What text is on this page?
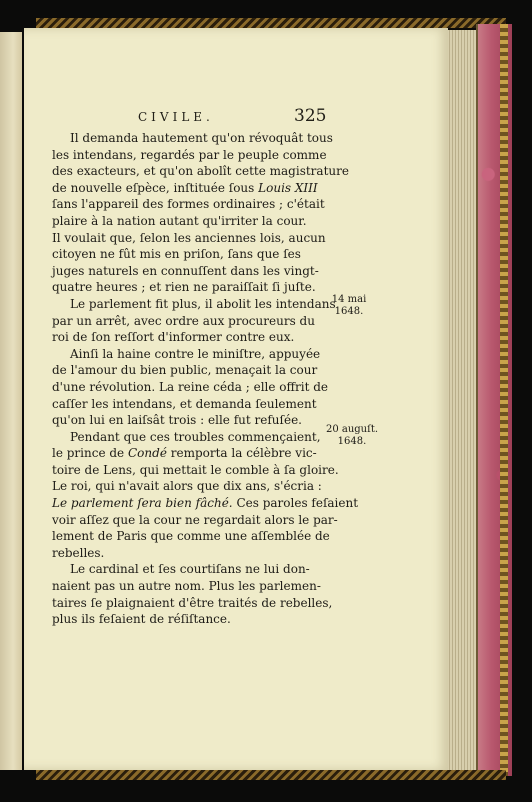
CIVILE.	325
Il demanda hautement qu'on révoquât tous
les intendans, regardés par le peuple comme
des exacteurs, et qu'on abolît cette magistrature
de nouvelle eſpèce, inſtituée ſous Louis XIII
ſans l'appareil des formes ordinaires ; c'était
plaire à la nation autant qu'irriter la cour.
Il voulait que, ſelon les anciennes lois, aucun
citoyen ne fût mis en priſon, ſans que ſes
juges naturels en connuſſent dans les vingt-
quatre heures ; et rien ne paraiſſait ſi juſte.
Le parlement fit plus, il abolit les intendans
par un arrêt, avec ordre aux procureurs du
roi de ſon reſſort d'informer contre eux.
Ainſi la haine contre le miniſtre, appuyée
de l'amour du bien public, menaçait la cour
d'une révolution. La reine céda ; elle offrit de
caſſer les intendans, et demanda ſeulement
qu'on lui en laiſsât trois : elle fut refuſée.
Pendant que ces troubles commençaient,
le prince de Condé remporta la célèbre vic-
toire de Lens, qui mettait le comble à ſa gloire.
Le roi, qui n'avait alors que dix ans, s'écria :
Le parlement ſera bien fâché. Ces paroles feſaient
voir aſſez que la cour ne regardait alors le par-
lement de Paris que comme une aſſemblée de
rebelles.
Le cardinal et ſes courtiſans ne lui don-
naient pas un autre nom. Plus les parlemen-
taires ſe plaignaient d'être traités de rebelles,
plus ils feſaient de réſiſtance.
14 mai
1648.
20 auguſt.
1648.
